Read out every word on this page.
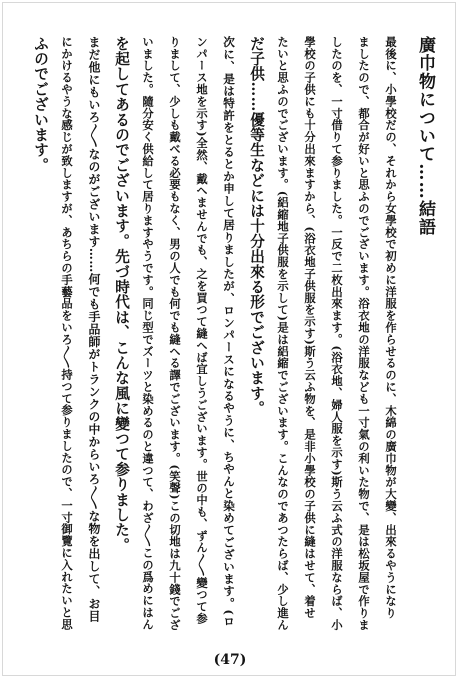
廣巾物について……結語
最後に、小學校だの、それから女學校で初めに洋服を作らせるのに、木綿の廣巾物が大變、出來るやうになり
ましたので、都合が好いと思ふのでございます。浴衣地の洋服なども一寸氣の利いた物で、是は松坂屋で作りま
したのを、一寸借りて参りました。一反で二枚出來ます。(浴衣地、婦人服を示す)斯う云ふ式の洋服ならば、小
學校の子供にも十分出來ますから、(浴衣地子供服を示す)斯う云ふ物を、是非小學校の子供に縫はせて、着せ
たいと思ふのでございます。(絽縮地子供服を示して)是は絽縮でございます。こんなのであつたらば、少し進ん
だ子供……優等生などには十分出來る形でございます。
次に、是は特許をとるとか申して居りましたが、ロンパースになるやうに、ちやんと染めてございます。(ロ
ンパース地を示す)全然、戴へませんでも、之を買つて縫へば宜しうございます。世の中も、ずん〳〵變つて参
りまして、少しも戴べる必要もなく、男の人でも何でも縫へる譯でございます。(笑聲)この切地は九十錢でござ
いました。隨分安く供給して居りますやうです。同じ型でズーツと染めるのと違つて、わざ〳〵この爲めにはん
を起してあるのでございます。先づ時代は、こんな風に變つて参りました。
まだ他にもいろ〳〵なのがございます……何でも手品師がトランクの中からいろ〳〵な物を出して、お目
にかけるやうな感じが致しますが、あちらの手藝品をいろ〳〵持つて参りましたので、一寸御覽に入れたいと思
ふのでございます。
(47)
